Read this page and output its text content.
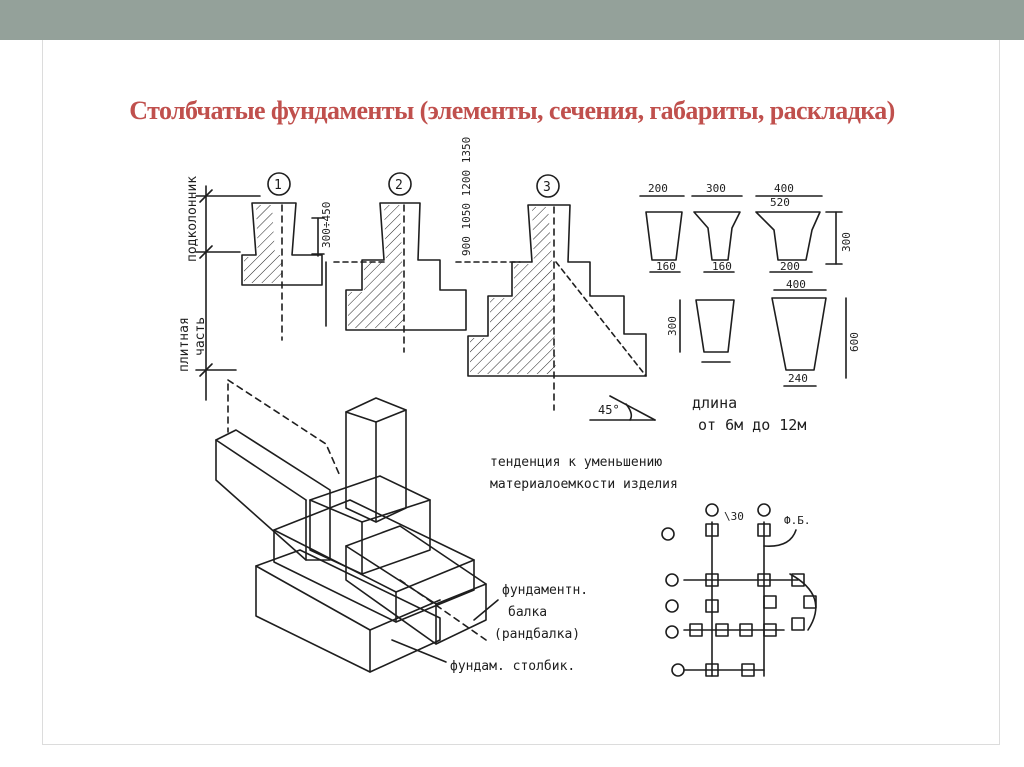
Столбчатые фундаменты (элементы, сечения, габариты, раскладка)
подколонник
плитная часть
300÷450	900 1050 1200 1350
1	2	3	200	300	400
520
160	160	200
300
300
400
600
240
45°	длина
от 6м до 12м
тенденция к уменьшению
материалоемкости изделия
фундаментн.
балка
(рандбалка)
фундам. столбик.
Ф.Б.
\30
